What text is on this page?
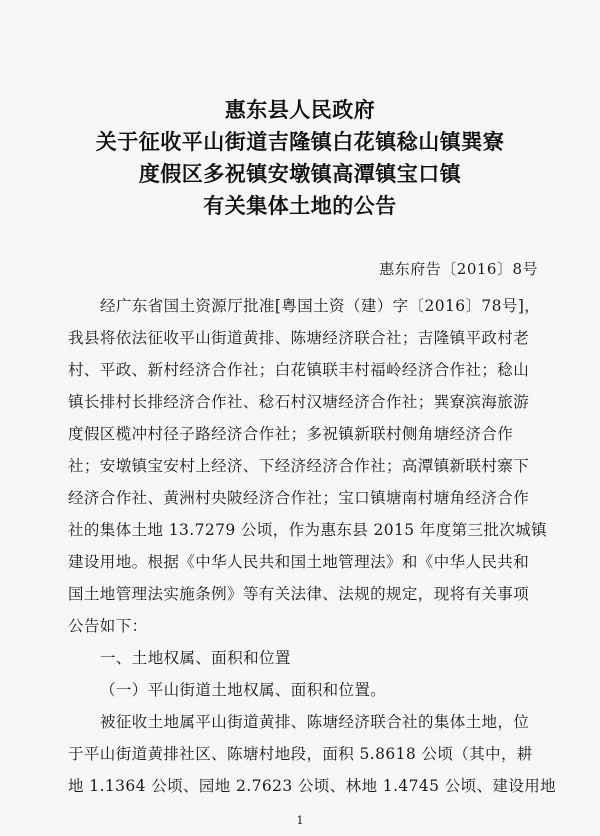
惠东县人民政府
关于征收平山街道吉隆镇白花镇稔山镇巽寮
度假区多祝镇安墩镇高潭镇宝口镇
有关集体土地的公告
惠东府告〔2016〕8号
经广东省国土资源厅批准[粤国土资（建）字〔2016〕78号]，
我县将依法征收平山街道黄排、陈塘经济联合社；吉隆镇平政村老
村、平政、新村经济合作社；白花镇联丰村福岭经济合作社；稔山
镇长排村长排经济合作社、稔石村汉塘经济合作社；巽寮滨海旅游
度假区榄冲村径子路经济合作社；多祝镇新联村侧角塘经济合作
社；安墩镇宝安村上经济、下经济经济合作社；高潭镇新联村寨下
经济合作社、黄洲村央陂经济合作社；宝口镇塘南村塘角经济合作
社的集体土地 13.7279 公顷，作为惠东县 2015 年度第三批次城镇
建设用地。根据《中华人民共和国土地管理法》和《中华人民共和
国土地管理法实施条例》等有关法律、法规的规定，现将有关事项
公告如下：
一、土地权属、面积和位置
（一）平山街道土地权属、面积和位置。
被征收土地属平山街道黄排、陈塘经济联合社的集体土地，位
于平山街道黄排社区、陈塘村地段，面积 5.8618 公顷（其中，耕
地 1.1364 公顷、园地 2.7623 公顷、林地 1.4745 公顷、建设用地
1
